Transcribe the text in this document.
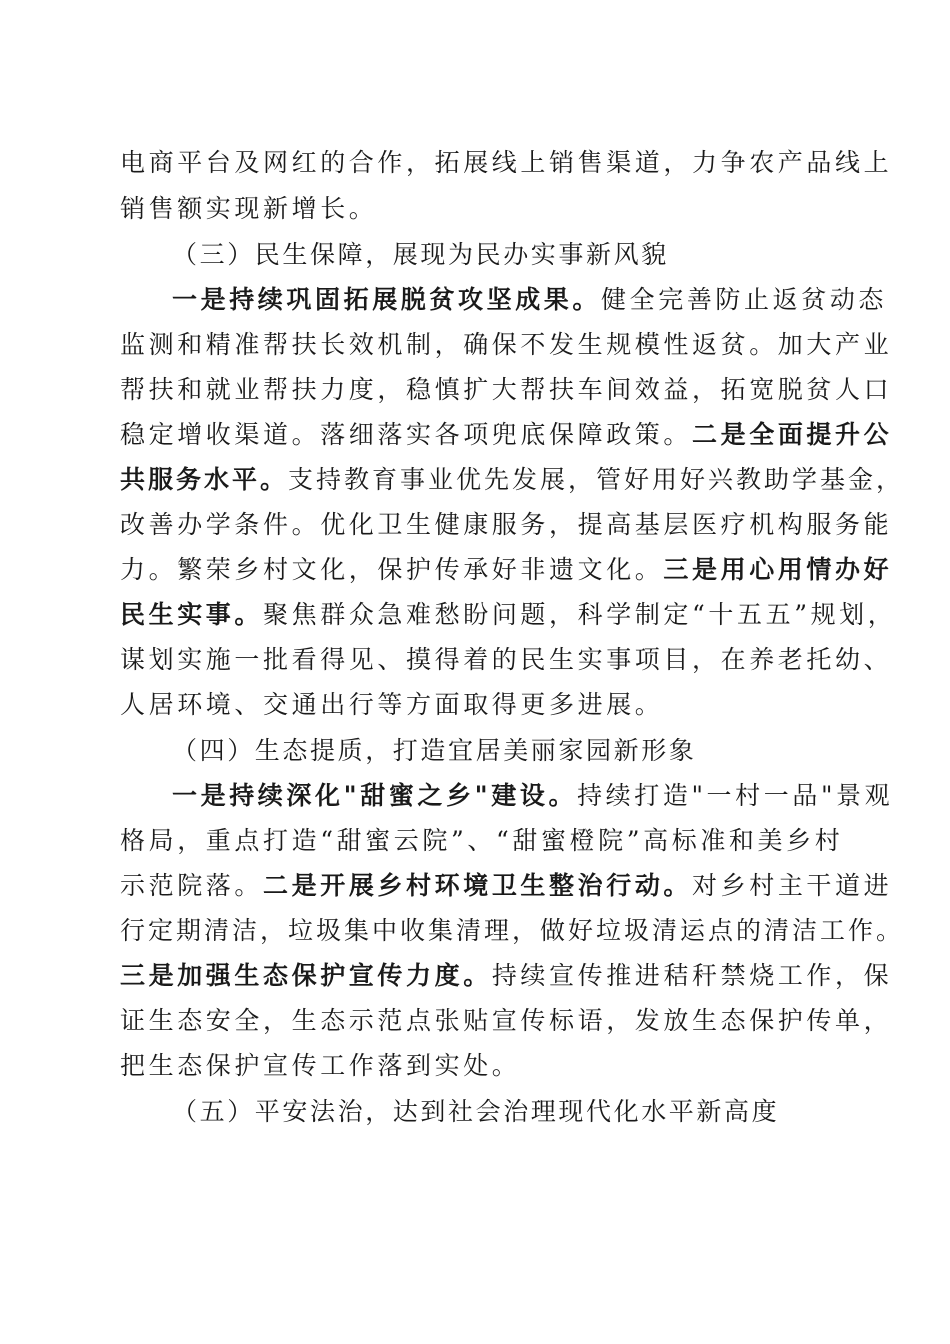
电商平台及网红的合作，拓展线上销售渠道，力争农产品线上
销售额实现新增长。
（三）民生保障，展现为民办实事新风貌
一是持续巩固拓展脱贫攻坚成果。健全完善防止返贫动态
监测和精准帮扶长效机制，确保不发生规模性返贫。加大产业
帮扶和就业帮扶力度，稳慎扩大帮扶车间效益，拓宽脱贫人口
稳定增收渠道。落细落实各项兜底保障政策。二是全面提升公
共服务水平。支持教育事业优先发展，管好用好兴教助学基金，
改善办学条件。优化卫生健康服务，提高基层医疗机构服务能
力。繁荣乡村文化，保护传承好非遗文化。三是用心用情办好
民生实事。聚焦群众急难愁盼问题，科学制定“十五五”规划，
谋划实施一批看得见、摸得着的民生实事项目，在养老托幼、
人居环境、交通出行等方面取得更多进展。
（四）生态提质，打造宜居美丽家园新形象
一是持续深化"甜蜜之乡"建设。持续打造"一村一品"景观
格局，重点打造“甜蜜云院”、“甜蜜橙院”高标准和美乡村
示范院落。二是开展乡村环境卫生整治行动。对乡村主干道进
行定期清洁，垃圾集中收集清理，做好垃圾清运点的清洁工作。
三是加强生态保护宣传力度。持续宣传推进秸秆禁烧工作，保
证生态安全，生态示范点张贴宣传标语，发放生态保护传单，
把生态保护宣传工作落到实处。
（五）平安法治，达到社会治理现代化水平新高度
